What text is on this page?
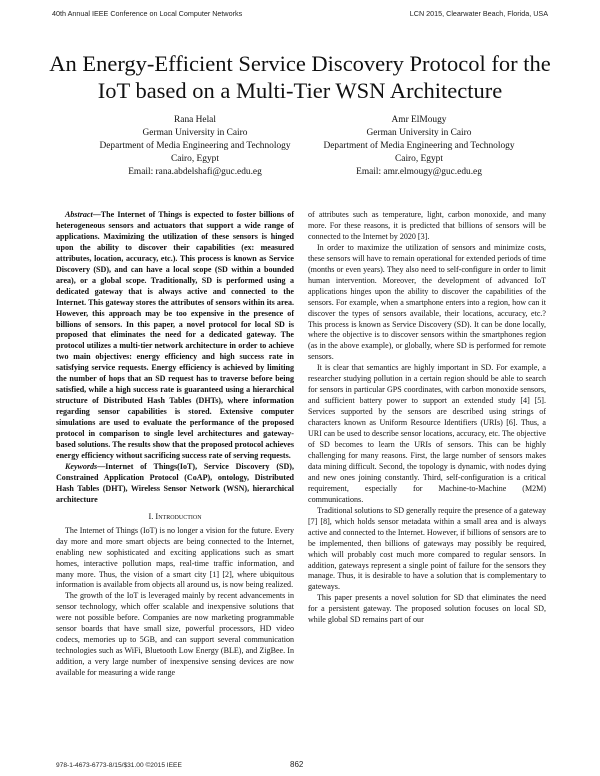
40th Annual IEEE Conference on Local Computer Networks	LCN 2015, Clearwater Beach, Florida, USA
An Energy-Efficient Service Discovery Protocol for the IoT based on a Multi-Tier WSN Architecture
Rana Helal
German University in Cairo
Department of Media Engineering and Technology
Cairo, Egypt
Email: rana.abdelshafi@guc.edu.eg
Amr ElMougy
German University in Cairo
Department of Media Engineering and Technology
Cairo, Egypt
Email: amr.elmougy@guc.edu.eg

Abstract—The Internet of Things is expected to foster billions of heterogeneous sensors and actuators that support a wide range of applications. Maximizing the utilization of these sensors is hinged upon the ability to discover their capabilities (ex: measured attributes, location, accuracy, etc.). This process is known as Service Discovery (SD), and can have a local scope (SD within a bounded area), or a global scope. Traditionally, SD is performed using a dedicated gateway that is always active and connected to the Internet. This gateway stores the attributes of sensors within its area. However, this approach may be too expensive in the presence of billions of sensors. In this paper, a novel protocol for local SD is proposed that eliminates the need for a dedicated gateway. The protocol utilizes a multi-tier network architecture in order to achieve two main objectives: energy efficiency and high success rate in satisfying service requests. Energy efficiency is achieved by limiting the number of hops that an SD request has to traverse before being satisfied, while a high success rate is guaranteed using a hierarchical structure of Distributed Hash Tables (DHTs), where information regarding sensor capabilities is stored. Extensive computer simulations are used to evaluate the performance of the proposed protocol in comparison to single level architectures and gateway-based solutions. The results show that the proposed protocol achieves energy efficiency without sacrificing success rate of serving requests.

Keywords—Internet of Things(IoT), Service Discovery (SD), Constrained Application Protocol (CoAP), ontology, Distributed Hash Tables (DHT), Wireless Sensor Network (WSN), hierarchical architecture

I. Introduction

The Internet of Things (IoT) is no longer a vision for the future. Every day more and more smart objects are being connected to the Internet, enabling new sophisticated and exciting applications such as smart homes, interactive pollution maps, real-time traffic information, and many more. Thus, the vision of a smart city [1] [2], where ubiquitous information is available from objects all around us, is now being realized.

The growth of the IoT is leveraged mainly by recent advancements in sensor technology, which offer scalable and inexpensive solutions that were not possible before. Companies are now marketing programmable sensor boards that have small size, powerful processors, HD video codecs, memories up to 5GB, and can support several communication technologies such as WiFi, Bluetooth Low Energy (BLE), and ZigBee. In addition, a very large number of inexpensive sensing devices are now available for measuring a wide range

of attributes such as temperature, light, carbon monoxide, and many more. For these reasons, it is predicted that billions of sensors will be connected to the Internet by 2020 [3].

In order to maximize the utilization of sensors and minimize costs, these sensors will have to remain operational for extended periods of time (months or even years). They also need to self-configure in order to limit human intervention. Moreover, the development of advanced IoT applications hinges upon the ability to discover the capabilities of the sensors. For example, when a smartphone enters into a region, how can it discover the types of sensors available, their locations, accuracy, etc.? This process is known as Service Discovery (SD). It can be done locally, where the objective is to discover sensors within the smartphones region (as in the above example), or globally, where SD is performed for remote sensors.

It is clear that semantics are highly important in SD. For example, a researcher studying pollution in a certain region should be able to search for sensors in particular GPS coordinates, with carbon monoxide sensors, and sufficient battery power to support an extended study [4] [5]. Services supported by the sensors are described using strings of characters known as Uniform Resource Identifiers (URIs) [6]. Thus, a URI can be used to describe sensor locations, accuracy, etc. The objective of SD becomes to learn the URIs of sensors. This can be highly challenging for many reasons. First, the large number of sensors makes data mining difficult. Second, the topology is dynamic, with nodes dying and new ones joining constantly. Third, self-configuration is a critical requirement, especially for Machine-to-Machine (M2M) communications.

Traditional solutions to SD generally require the presence of a gateway [7] [8], which holds sensor metadata within a small area and is always active and connected to the Internet. However, if billions of sensors are to be implemented, then billions of gateways may possibly be required, which will probably cost much more compared to regular sensors. In addition, gateways represent a single point of failure for the sensors they manage. Thus, it is desirable to have a solution that is complementary to gateways.

This paper presents a novel solution for SD that eliminates the need for a persistent gateway. The proposed solution focuses on local SD, while global SD remains part of our

978-1-4673-6773-8/15/$31.00 ©2015 IEEE	862
